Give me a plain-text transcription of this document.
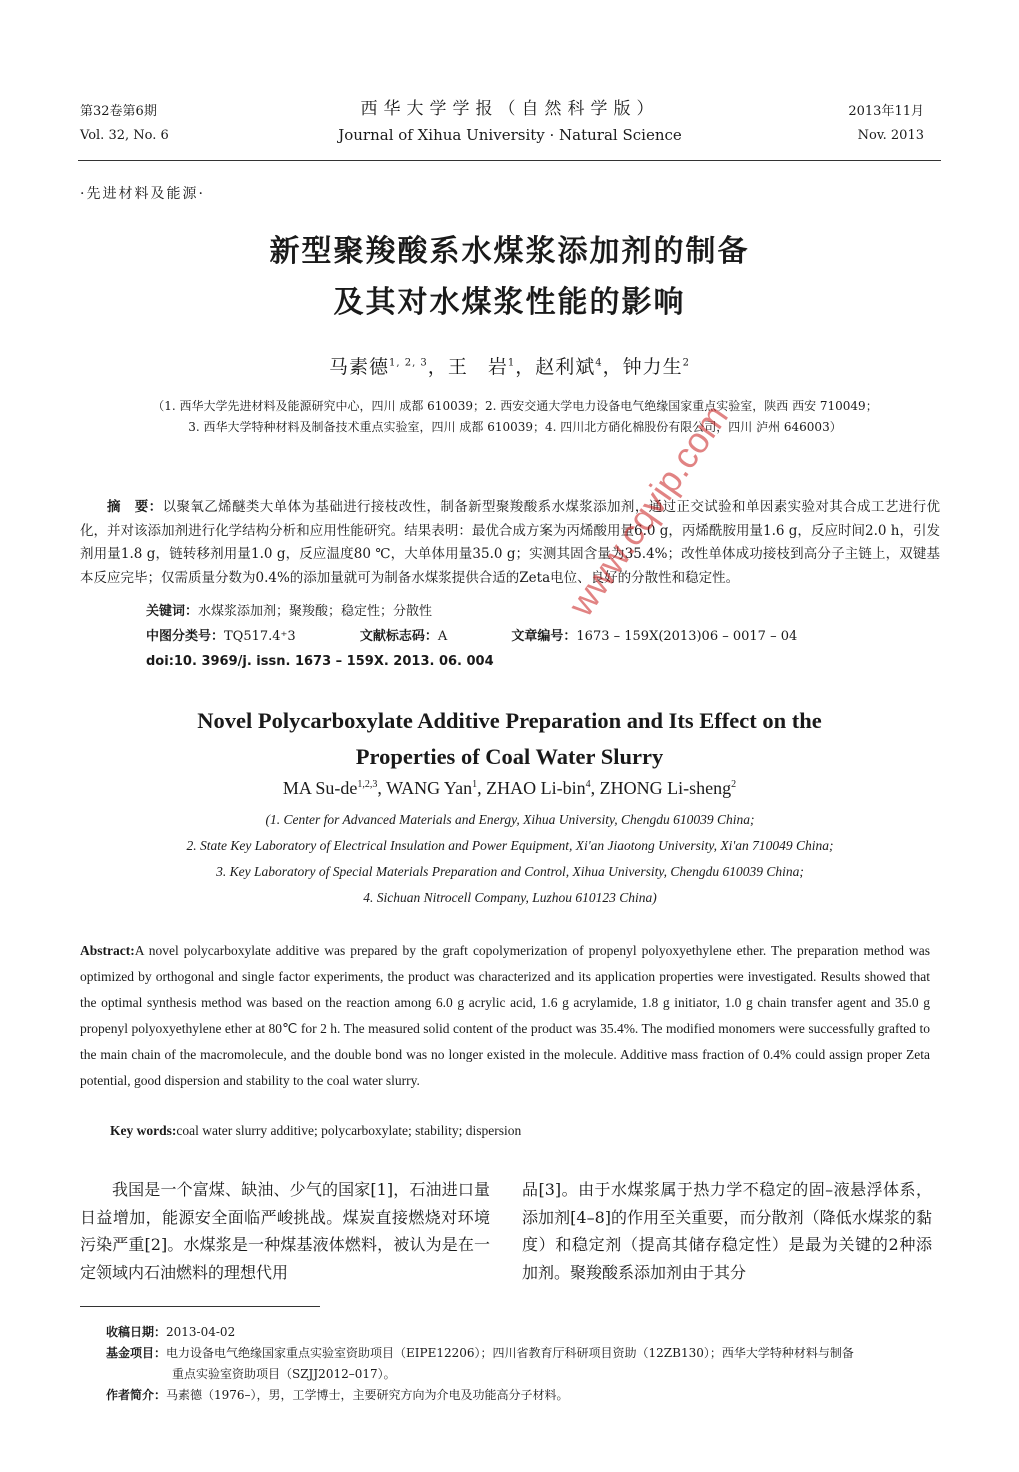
第32卷第6期
Vol. 32, No. 6
西华大学学报（自然科学版）
Journal of Xihua University · Natural Science
2013年11月
Nov. 2013
·先进材料及能源·
新型聚羧酸系水煤浆添加剂的制备
及其对水煤浆性能的影响
马素德$^{1, 2, 3}$，王　岩$^1$，赵利斌$^4$，钟力生$^2$
（1. 西华大学先进材料及能源研究中心，四川 成都 610039；2. 西安交通大学电力设备电气绝缘国家重点实验室，陕西 西安 710049；
3. 西华大学特种材料及制备技术重点实验室，四川 成都 610039；4. 四川北方硝化棉股份有限公司，四川 泸州 646003）
摘　要：以聚氧乙烯醚类大单体为基础进行接枝改性，制备新型聚羧酸系水煤浆添加剂，通过正交试验和单因素实验对其合成工艺进行优化，并对该添加剂进行化学结构分析和应用性能研究。结果表明：最优合成方案为丙烯酸用量6.0 g，丙烯酰胺用量1.6 g，反应时间2.0 h，引发剂用量1.8 g，链转移剂用量1.0 g，反应温度80 ℃，大单体用量35.0 g；实测其固含量为35.4%；改性单体成功接枝到高分子主链上，双键基本反应完毕；仅需质量分数为0.4%的添加量就可为制备水煤浆提供合适的Zeta电位、良好的分散性和稳定性。
关键词：水煤浆添加剂；聚羧酸；稳定性；分散性
中图分类号：TQ517.4⁺3	文献标志码：A	文章编号：1673 – 159X(2013)06 – 0017 – 04
doi:10. 3969/j. issn. 1673 – 159X. 2013. 06. 004
Novel Polycarboxylate Additive Preparation and Its Effect on the
Properties of Coal Water Slurry
MA Su-de$^{1,2,3}$, WANG Yan$^1$, ZHAO Li-bin$^4$, ZHONG Li-sheng$^2$
(1. Center for Advanced Materials and Energy, Xihua University, Chengdu 610039 China;
2. State Key Laboratory of Electrical Insulation and Power Equipment, Xi'an Jiaotong University, Xi'an 710049 China;
3. Key Laboratory of Special Materials Preparation and Control, Xihua University, Chengdu 610039 China;
4. Sichuan Nitrocell Company, Luzhou 610123 China)
Abstract:A novel polycarboxylate additive was prepared by the graft copolymerization of propenyl polyoxyethylene ether. The preparation method was optimized by orthogonal and single factor experiments, the product was characterized and its application properties were investigated. Results showed that the optimal synthesis method was based on the reaction among 6.0 g acrylic acid, 1.6 g acrylamide, 1.8 g initiator, 1.0 g chain transfer agent and 35.0 g propenyl polyoxyethylene ether at 80℃ for 2 h. The measured solid content of the product was 35.4%. The modified monomers were successfully grafted to the main chain of the macromolecule, and the double bond was no longer existed in the molecule. Additive mass fraction of 0.4% could assign proper Zeta potential, good dispersion and stability to the coal water slurry.
Key words:coal water slurry additive; polycarboxylate; stability; dispersion
我国是一个富煤、缺油、少气的国家[1]，石油进口量日益增加，能源安全面临严峻挑战。煤炭直接燃烧对环境污染严重[2]。水煤浆是一种煤基液体燃料，被认为是在一定领域内石油燃料的理想代用
品[3]。由于水煤浆属于热力学不稳定的固–液悬浮体系，添加剂[4–8]的作用至关重要，而分散剂（降低水煤浆的黏度）和稳定剂（提高其储存稳定性）是最为关键的2种添加剂。聚羧酸系添加剂由于其分
收稿日期：2013-04-02
基金项目：电力设备电气绝缘国家重点实验室资助项目（EIPE12206）；四川省教育厅科研项目资助（12ZB130）；西华大学特种材料与制备
重点实验室资助项目（SZJJ2012–017）。
作者简介：马素德（1976–），男，工学博士，主要研究方向为介电及功能高分子材料。
www.cqvip.com
